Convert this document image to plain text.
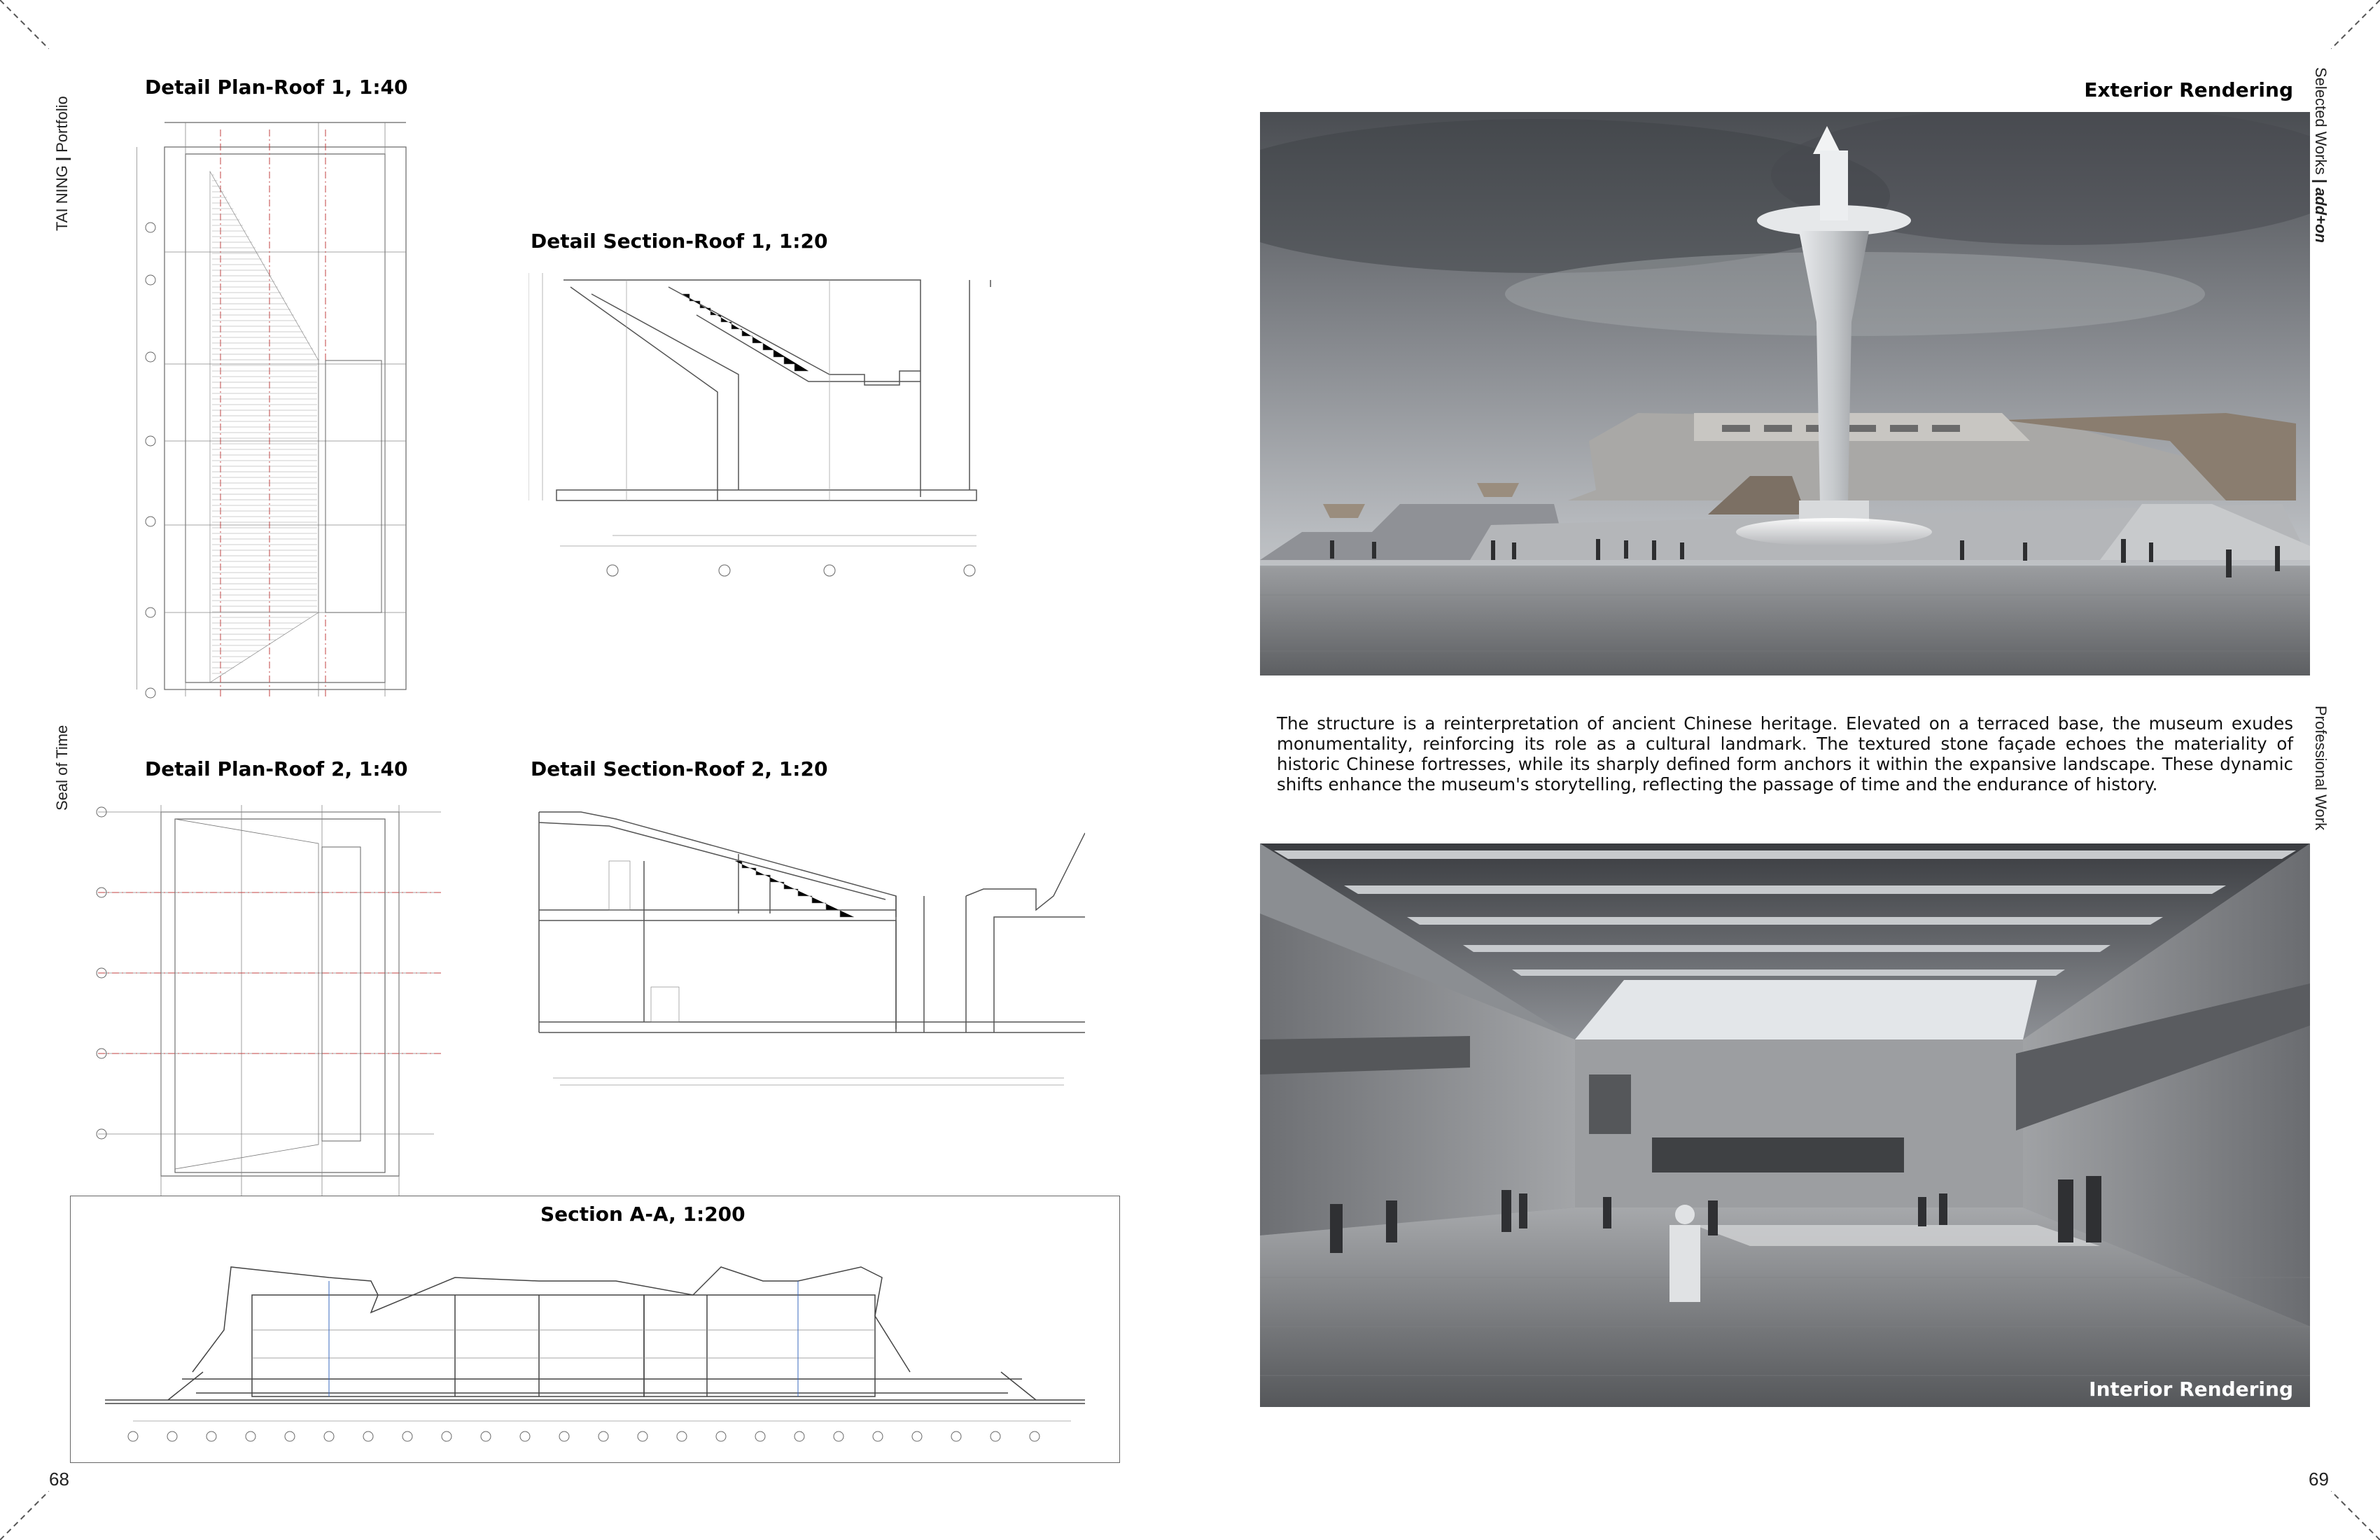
TAI NING | Portfolio
Seal of Time
68
Detail Plan-Roof 1, 1:40
Detail Section-Roof 1, 1:20
Detail Plan-Roof 2, 1:40	Detail Section-Roof 2, 1:20
Section A-A, 1:200
Selected Works | add+on
Professional Work
69
Exterior Rendering
The structure is a reinterpretation of ancient Chinese heritage. Elevated on a terraced base, the museum exudes monumentality, reinforcing its role as a cultural landmark. The textured stone façade echoes the materiality of historic Chinese fortresses, while its sharply defined form anchors it within the expansive landscape. These dynamic shifts enhance the museum's storytelling, reflecting the passage of time and the endurance of history.
Interior Rendering
